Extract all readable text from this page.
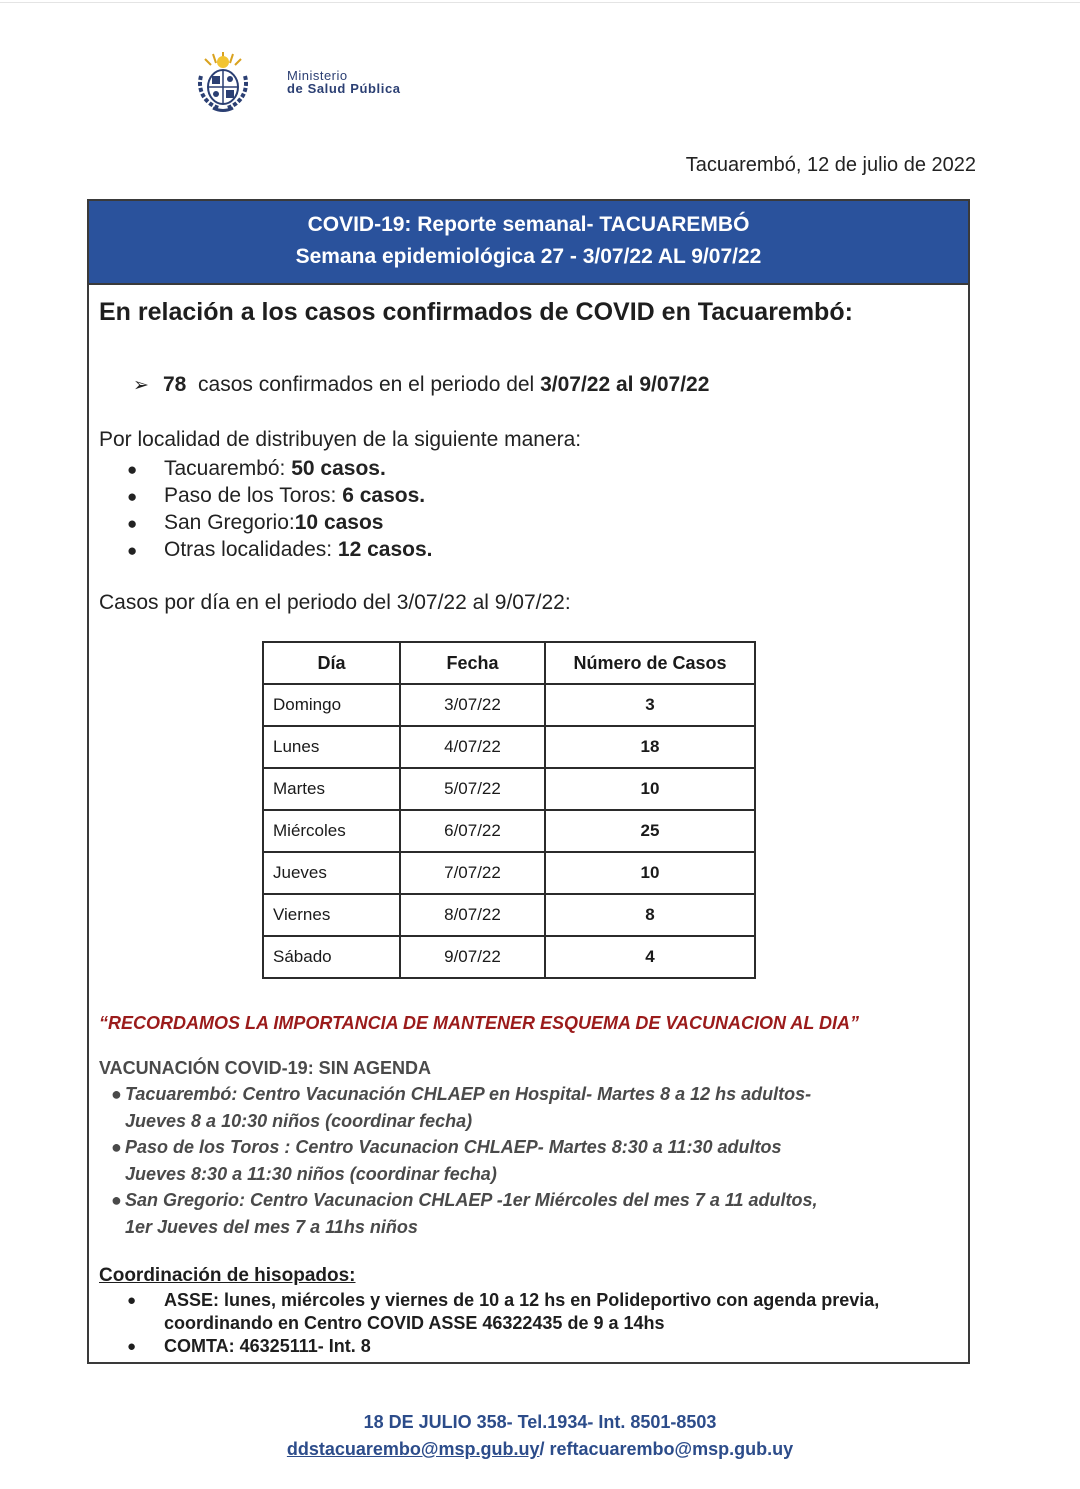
Ministerio
de Salud Pública
Tacuarembó, 12 de julio de 2022
COVID-19: Reporte semanal- TACUAREMBÓ
Semana epidemiológica 27 - 3/07/22 AL 9/07/22
En relación a los casos confirmados de COVID en Tacuarembó:
➢ 78 casos confirmados en el periodo del 3/07/22 al 9/07/22
Por localidad de distribuyen de la siguiente manera:
● Tacuarembó: 50 casos.
● Paso de los Toros: 6 casos.
● San Gregorio:10 casos
● Otras localidades: 12 casos.
Casos por día en el periodo del 3/07/22 al 9/07/22:
Día	Fecha	Número de Casos
Domingo	3/07/22	3
Lunes	4/07/22	18
Martes	5/07/22	10
Miércoles	6/07/22	25
Jueves	7/07/22	10
Viernes	8/07/22	8
Sábado	9/07/22	4
“RECORDAMOS LA IMPORTANCIA DE MANTENER ESQUEMA DE VACUNACION AL DIA”
VACUNACIÓN COVID-19: SIN AGENDA
● Tacuarembó: Centro Vacunación CHLAEP en Hospital- Martes 8 a 12 hs adultos-
Jueves 8 a 10:30 niños (coordinar fecha)
● Paso de los Toros : Centro Vacunacion CHLAEP- Martes 8:30 a 11:30 adultos
Jueves 8:30 a 11:30 niños (coordinar fecha)
● San Gregorio: Centro Vacunacion CHLAEP -1er Miércoles del mes 7 a 11 adultos,
1er Jueves del mes 7 a 11hs niños
Coordinación de hisopados:
● ASSE: lunes, miércoles y viernes de 10 a 12 hs en Polideportivo con agenda previa,
coordinando en Centro COVID ASSE 46322435 de 9 a 14hs
● COMTA: 46325111- Int. 8
18 DE JULIO 358- Tel.1934- Int. 8501-8503
ddstacuarembo@msp.gub.uy/ reftacuarembo@msp.gub.uy
